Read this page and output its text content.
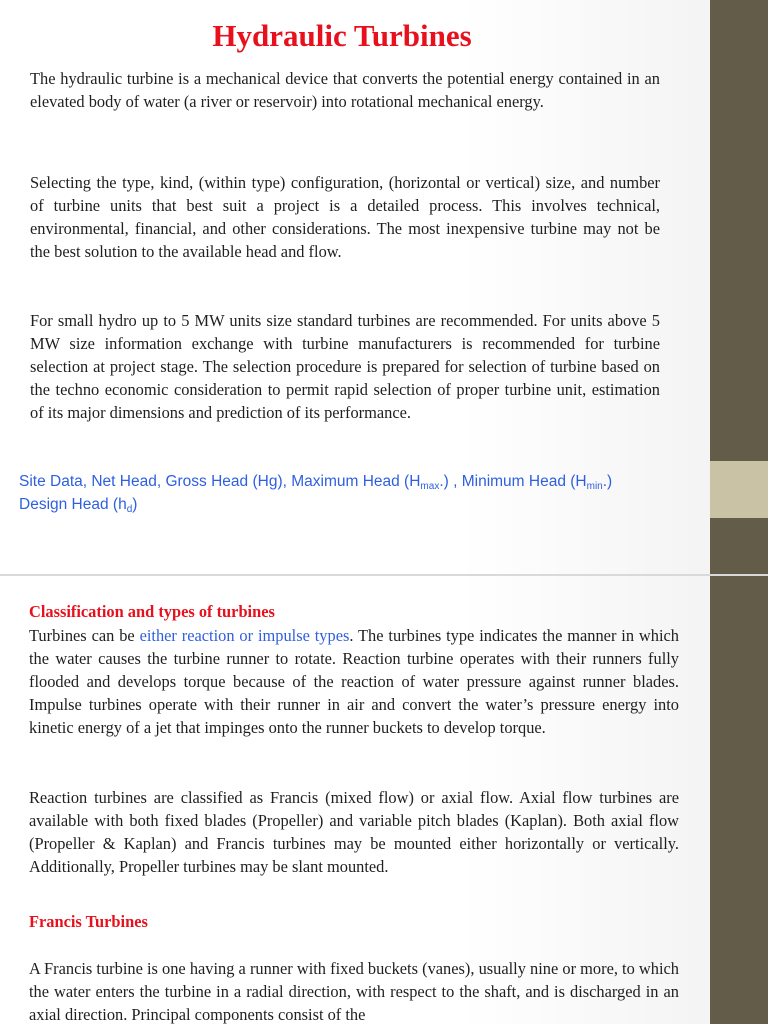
Hydraulic Turbines

The hydraulic turbine is a mechanical device that converts the potential energy contained in an elevated body of water (a river or reservoir) into rotational mechanical energy.

Selecting the type, kind, (within type) configuration, (horizontal or vertical) size, and number of turbine units that best suit a project is a detailed process. This involves technical, environmental, financial, and other considerations. The most inexpensive turbine may not be the best solution to the available head and flow.

For small hydro up to 5 MW units size standard turbines are recommended. For units above 5 MW size information exchange with turbine manufacturers is recommended for turbine selection at project stage. The selection procedure is prepared for selection of turbine based on the techno economic consideration to permit rapid selection of proper turbine unit, estimation of its major dimensions and prediction of its performance.

Site Data, Net Head, Gross Head (Hg), Maximum Head $(H_{max}.)$ , Minimum Head $(H_{min}.)$
Design Head $(h_d)$
Classification and types of turbines

Turbines can be either reaction or impulse types. The turbines type indicates the manner in which the water causes the turbine runner to rotate. Reaction turbine operates with their runners fully flooded and develops torque because of the reaction of water pressure against runner blades. Impulse turbines operate with their runner in air and convert the water’s pressure energy into kinetic energy of a jet that impinges onto the runner buckets to develop torque.

Reaction turbines are classified as Francis (mixed flow) or axial flow. Axial flow turbines are available with both fixed blades (Propeller) and variable pitch blades (Kaplan). Both axial flow (Propeller & Kaplan) and Francis turbines may be mounted either horizontally or vertically. Additionally, Propeller turbines may be slant mounted.

Francis Turbines

A Francis turbine is one having a runner with fixed buckets (vanes), usually nine or more, to which the water enters the turbine in a radial direction, with respect to the shaft, and is discharged in an axial direction. Principal components consist of the
